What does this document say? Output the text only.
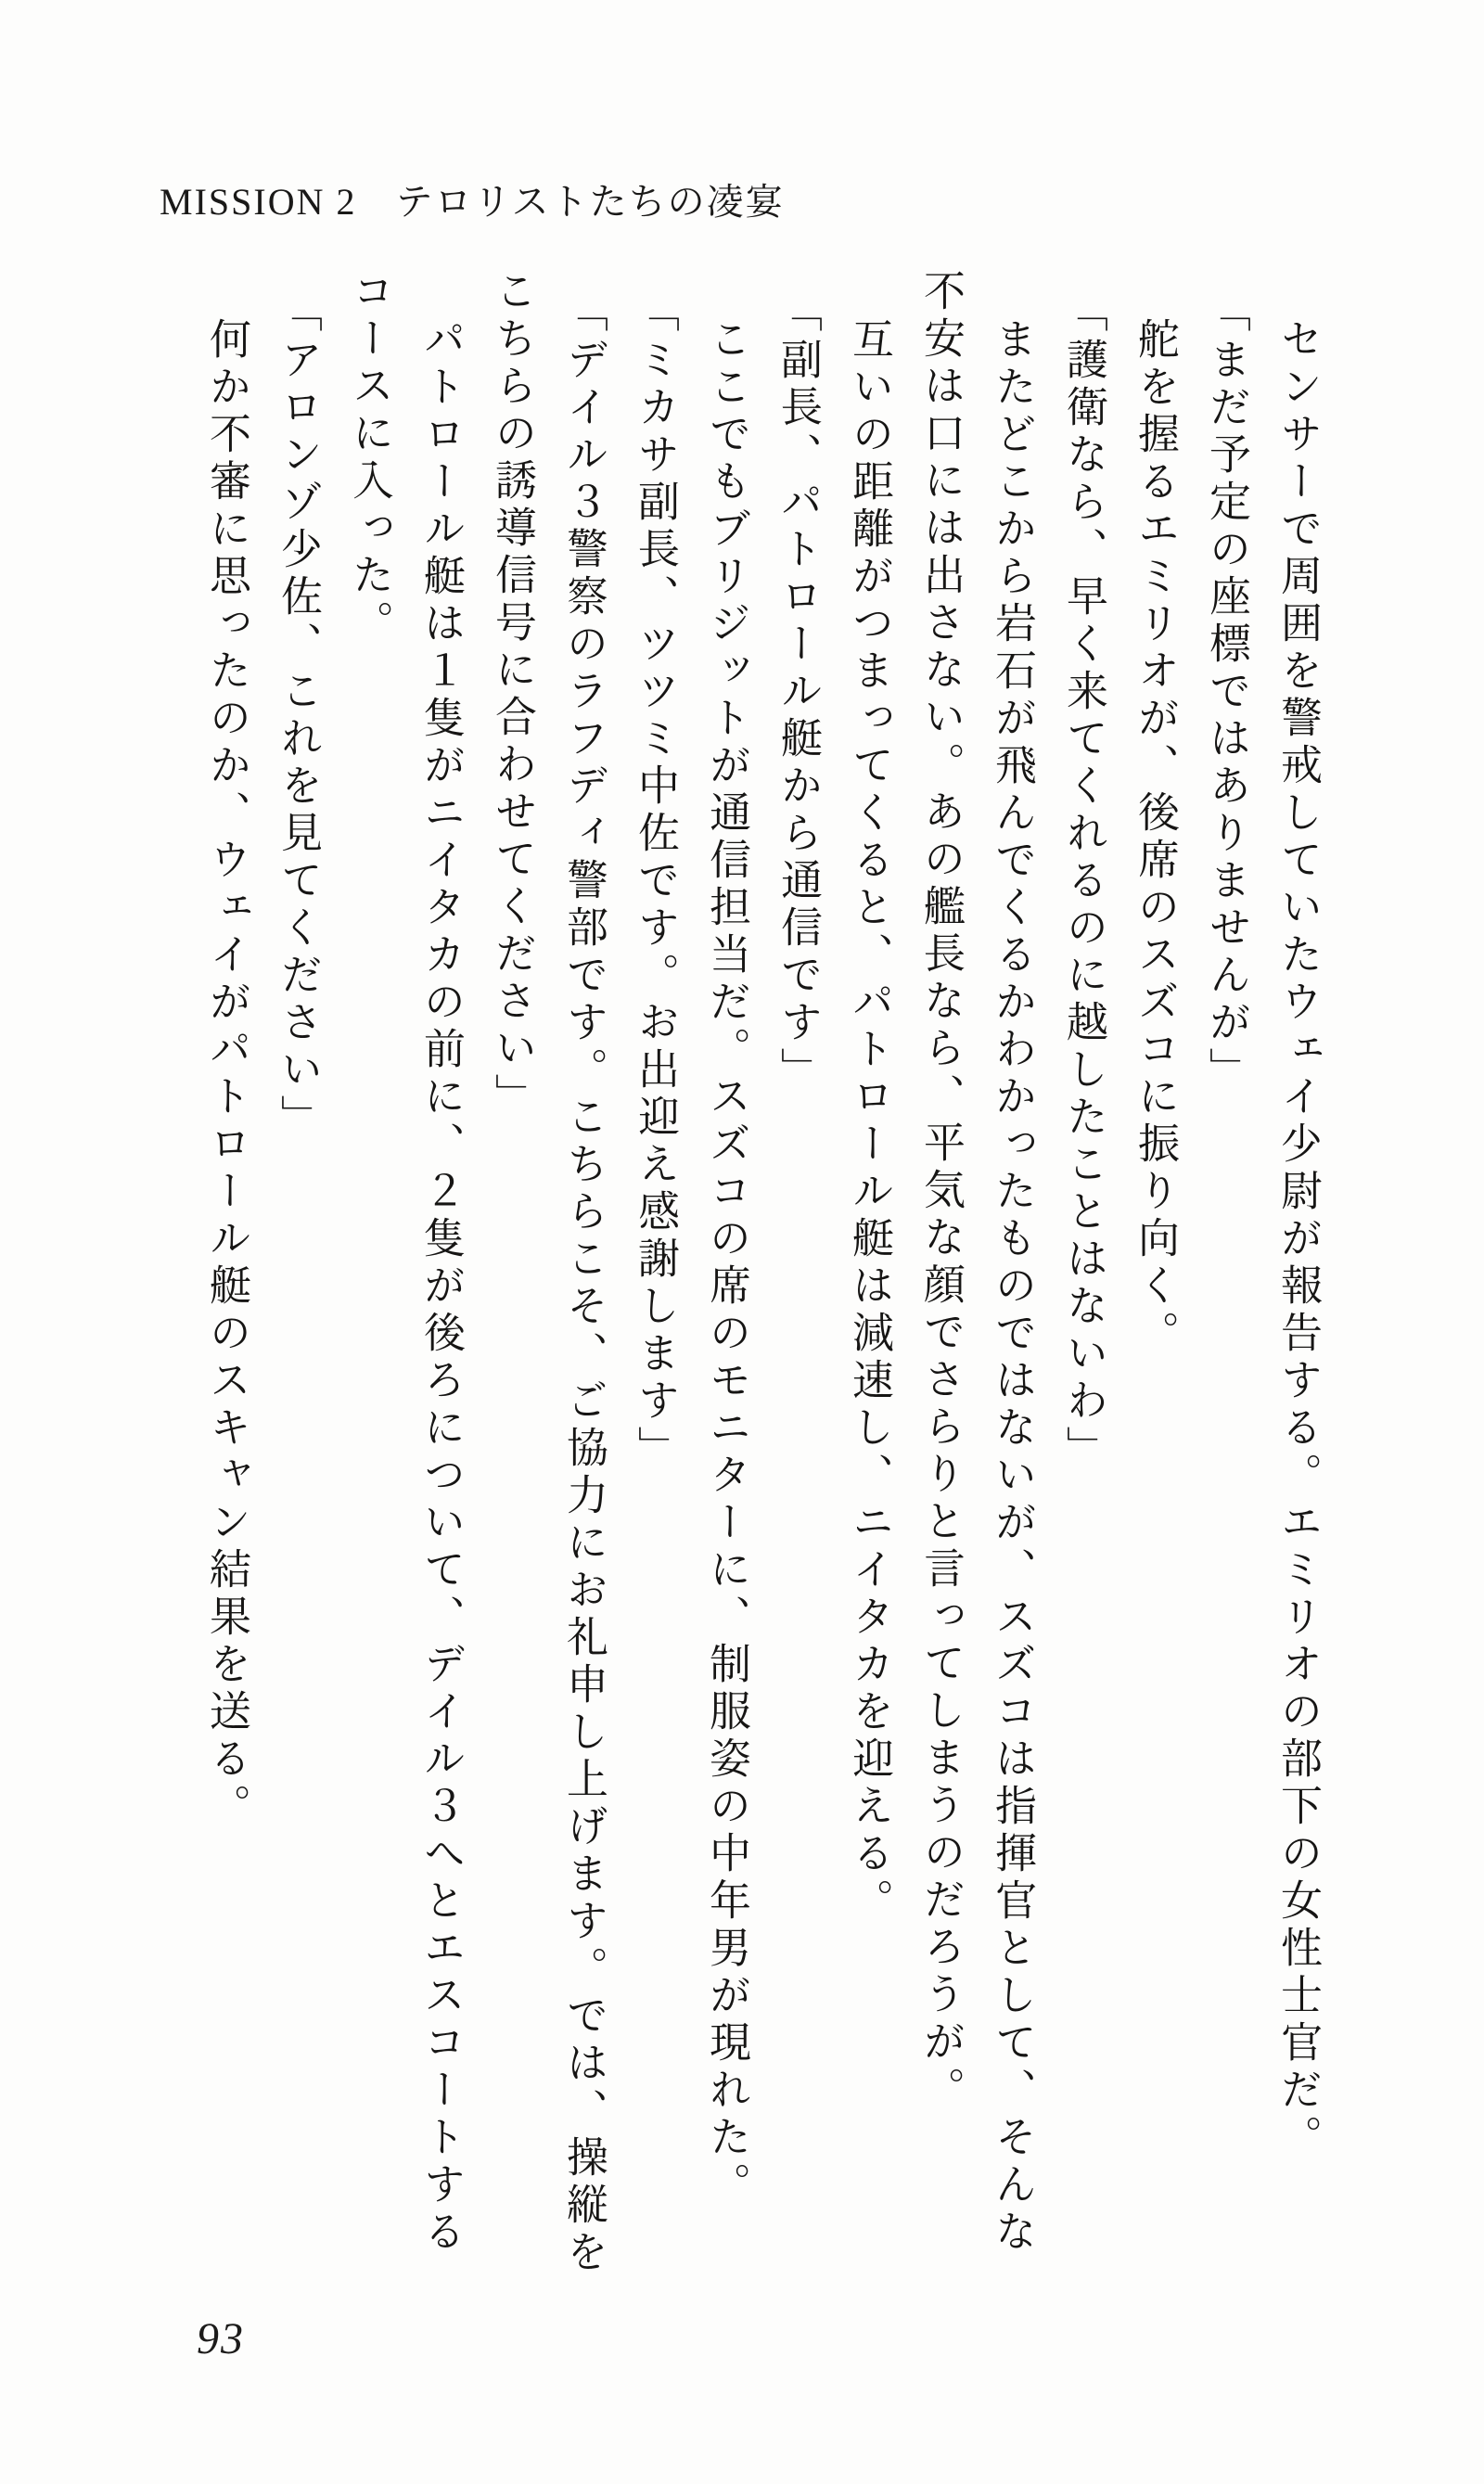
MISSION 2　テロリストたちの凌宴

センサーで周囲を警戒していたウェイ少尉が報告する。エミリオの部下の女性士官だ。

「まだ予定の座標ではありませんが」

舵を握るエミリオが、後席のスズコに振り向く。

「護衛なら、早く来てくれるのに越したことはないわ」

またどこから岩石が飛んでくるかわかったものではないが、スズコは指揮官として、そんな

不安は口には出さない。あの艦長なら、平気な顔でさらりと言ってしまうのだろうが。

互いの距離がつまってくると、パトロール艇は減速し、ニイタカを迎える。

「副長、パトロール艇から通信です」

ここでもブリジットが通信担当だ。スズコの席のモニターに、制服姿の中年男が現れた。

「ミカサ副長、ツツミ中佐です。お出迎え感謝します」

「デイル３警察のラフディ警部です。こちらこそ、ご協力にお礼申し上げます。では、操縦を

こちらの誘導信号に合わせてください」

パトロール艇は１隻がニイタカの前に、２隻が後ろについて、デイル３へとエスコートする

コースに入った。

「アロンゾ少佐、これを見てください」

何か不審に思ったのか、ウェイがパトロール艇のスキャン結果を送る。

93
